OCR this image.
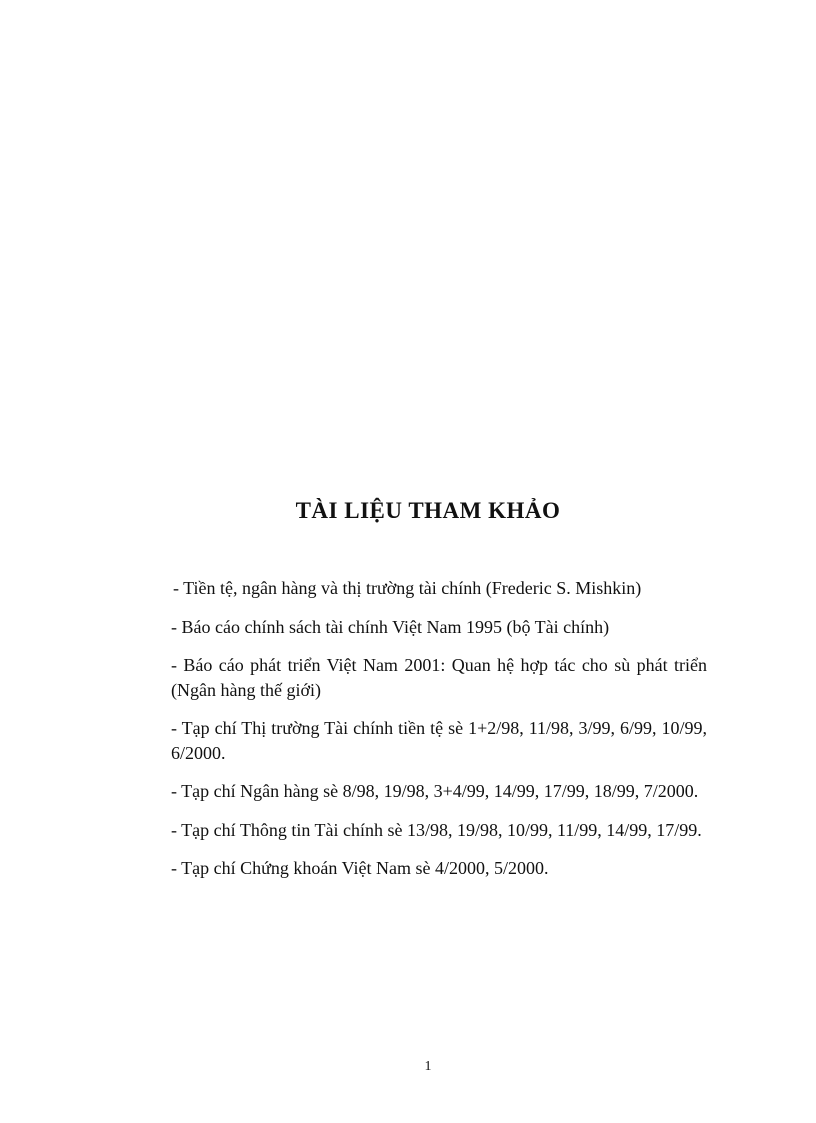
TÀI LIỆU THAM KHẢO
- Tiền tệ, ngân hàng và thị trường tài chính (Frederic S. Mishkin)
- Báo cáo chính sách tài chính Việt Nam 1995 (bộ Tài chính)
- Báo cáo phát triển Việt Nam 2001: Quan hệ hợp tác cho sù phát triển (Ngân hàng thế giới)
- Tạp chí Thị trường Tài chính tiền tệ sè 1+2/98, 11/98, 3/99, 6/99, 10/99, 6/2000.
- Tạp chí Ngân hàng sè 8/98, 19/98, 3+4/99, 14/99, 17/99, 18/99, 7/2000.
- Tạp chí Thông tin Tài chính sè 13/98, 19/98, 10/99, 11/99, 14/99, 17/99.
- Tạp chí Chứng khoán Việt Nam sè 4/2000, 5/2000.
1
